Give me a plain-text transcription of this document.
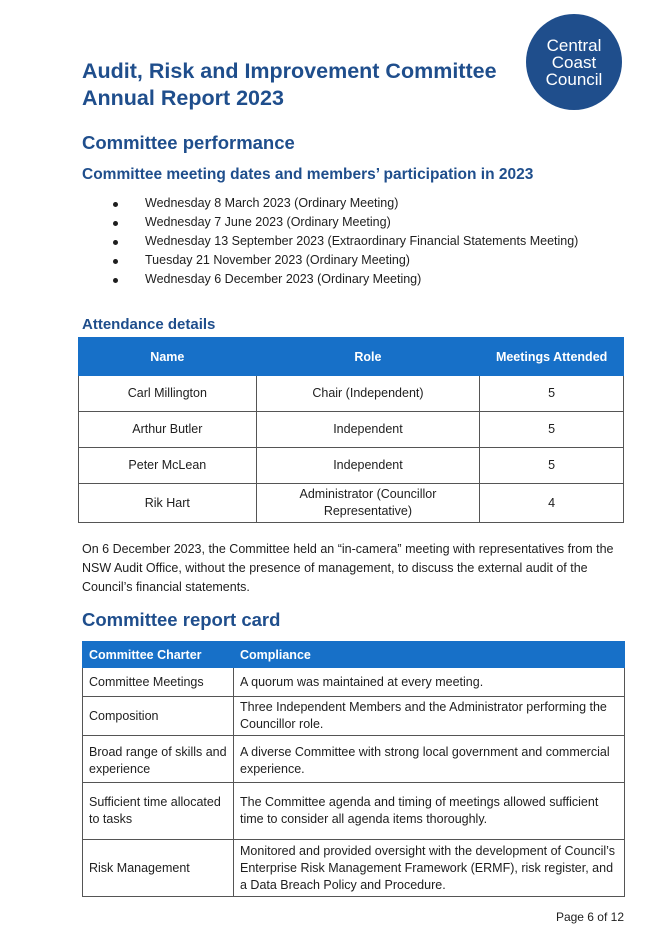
Audit, Risk and Improvement Committee
Annual Report 2023
Central
Coast
Council
Committee performance
Committee meeting dates and members’ participation in 2023
Wednesday 8 March 2023 (Ordinary Meeting)
Wednesday 7 June 2023 (Ordinary Meeting)
Wednesday 13 September 2023 (Extraordinary Financial Statements Meeting)
Tuesday 21 November 2023 (Ordinary Meeting)
Wednesday 6 December 2023 (Ordinary Meeting)
Attendance details
Name	Role	Meetings Attended
Carl Millington	Chair (Independent)	5
Arthur Butler	Independent	5
Peter McLean	Independent	5
Rik Hart	Administrator (Councillor Representative)	4

On 6 December 2023, the Committee held an “in-camera” meeting with representatives from the NSW Audit Office, without the presence of management, to discuss the external audit of the Council’s financial statements.

Committee report card
Committee Charter	Compliance
Committee Meetings	A quorum was maintained at every meeting.
Composition	Three Independent Members and the Administrator performing the Councillor role.
Broad range of skills and experience	A diverse Committee with strong local government and commercial experience.
Sufficient time allocated to tasks	The Committee agenda and timing of meetings allowed sufficient time to consider all agenda items thoroughly.
Risk Management	Monitored and provided oversight with the development of Council’s Enterprise Risk Management Framework (ERMF), risk register, and a Data Breach Policy and Procedure.
Page 6 of 12
